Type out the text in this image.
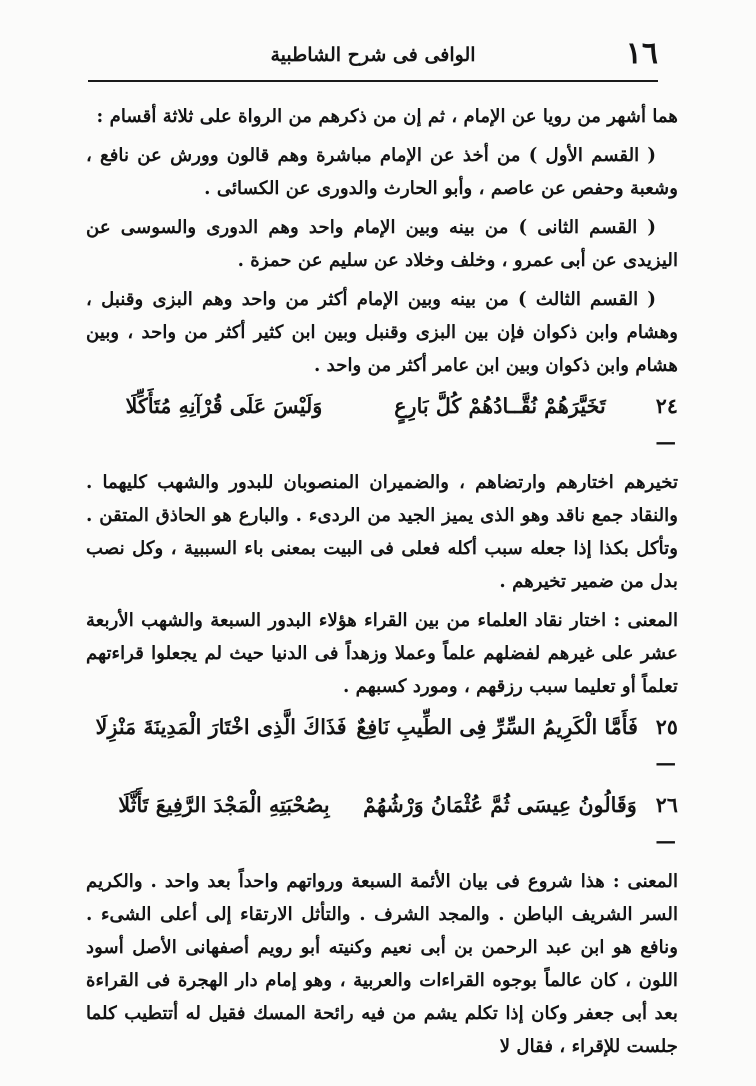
١٦
الوافى فى شرح الشاطبية

هما أشهر من رويا عن الإمام ، ثم إن من ذكرهم من الرواة على ثلاثة أقسام :

( القسم الأول ) من أخذ عن الإمام مباشرة وهم قالون وورش عن نافع ، وشعبة وحفص عن عاصم ، وأبو الحارث والدورى عن الكسائى .

( القسم الثانى ) من بينه وبين الإمام واحد وهم الدورى والسوسى عن اليزيدى عن أبى عمرو ، وخلف وخلاد عن سليم عن حمزة .

( القسم الثالث ) من بينه وبين الإمام أكثر من واحد وهم البزى وقنبل ، وهشام وابن ذكوان فإن بين البزى وقنبل وبين ابن كثير أكثر من واحد ، وبين هشام وابن ذكوان وبين ابن عامر أكثر من واحد .

٢٤ —
تَخَيَّرَهُمْ نُقَّــادُهُمْ كُلَّ بَارِعٍ
وَلَيْسَ عَلَى قُرْآنِهِ مُتَأَكِّلَا

تخيرهم اختارهم وارتضاهم ، والضميران المنصوبان للبدور والشهب كليهما . والنقاد جمع ناقد وهو الذى يميز الجيد من الردىء . والبارع هو الحاذق المتقن . وتأكل بكذا إذا جعله سبب أكله فعلى فى البيت بمعنى باء السببية ، وكل نصب بدل من ضمير تخيرهم .

المعنى : اختار نقاد العلماء من بين القراء هؤلاء البدور السبعة والشهب الأربعة عشر على غيرهم لفضلهم علماً وعملا وزهداً فى الدنيا حيث لم يجعلوا قراءتهم تعلماً أو تعليما سبب رزقهم ، ومورد كسبهم .

٢٥ —
فَأَمَّا الْكَرِيمُ السِّرِّ فِى الطِّيبِ نَافِعٌ
فَذَاكَ الَّذِى اخْتَارَ الْمَدِينَةَ مَنْزِلَا
٢٦ —
وَقَالُونُ عِيسَى ثُمَّ عُثْمَانُ وَرْشُهُمْ
بِصُحْبَتِهِ الْمَجْدَ الرَّفِيعَ تَأَثَّلَا

المعنى : هذا شروع فى بيان الأئمة السبعة ورواتهم واحداً بعد واحد . والكريم السر الشريف الباطن . والمجد الشرف . والتأثل الارتقاء إلى أعلى الشىء . ونافع هو ابن عبد الرحمن بن أبى نعيم وكنيته أبو رويم أصفهانى الأصل أسود اللون ، كان عالماً بوجوه القراءات والعربية ، وهو إمام دار الهجرة فى القراءة بعد أبى جعفر وكان إذا تكلم يشم من فيه رائحة المسك فقيل له أتتطيب كلما جلست للإقراء ، فقال لا
